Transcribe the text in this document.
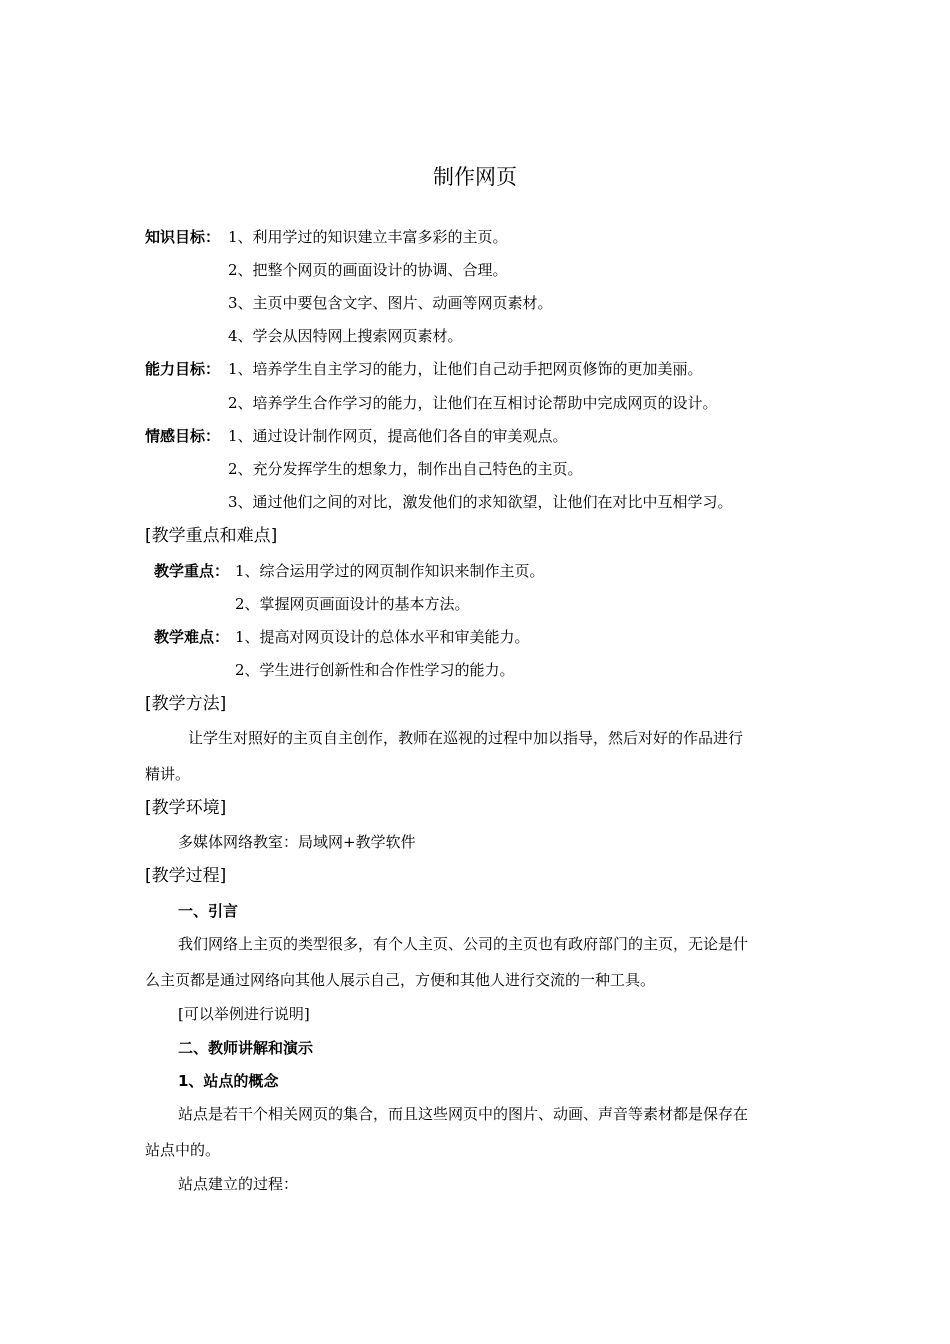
制作网页
知识目标： 1、利用学过的知识建立丰富多彩的主页。
2、把整个网页的画面设计的协调、合理。
3、主页中要包含文字、图片、动画等网页素材。
4、学会从因特网上搜索网页素材。
能力目标： 1、培养学生自主学习的能力，让他们自己动手把网页修饰的更加美丽。
2、培养学生合作学习的能力，让他们在互相讨论帮助中完成网页的设计。
情感目标： 1、通过设计制作网页，提高他们各自的审美观点。
2、充分发挥学生的想象力，制作出自己特色的主页。
3、通过他们之间的对比，激发他们的求知欲望，让他们在对比中互相学习。
[教学重点和难点]
教学重点： 1、综合运用学过的网页制作知识来制作主页。
2、掌握网页画面设计的基本方法。
教学难点： 1、提高对网页设计的总体水平和审美能力。
2、学生进行创新性和合作性学习的能力。
[教学方法]
让学生对照好的主页自主创作，教师在巡视的过程中加以指导，然后对好的作品进行
精讲。
[教学环境]
多媒体网络教室：局域网+教学软件
[教学过程]
一、引言
我们网络上主页的类型很多，有个人主页、公司的主页也有政府部门的主页，无论是什
么主页都是通过网络向其他人展示自己，方便和其他人进行交流的一种工具。
[可以举例进行说明]
二、教师讲解和演示
1、站点的概念
站点是若干个相关网页的集合，而且这些网页中的图片、动画、声音等素材都是保存在
站点中的。
站点建立的过程：
